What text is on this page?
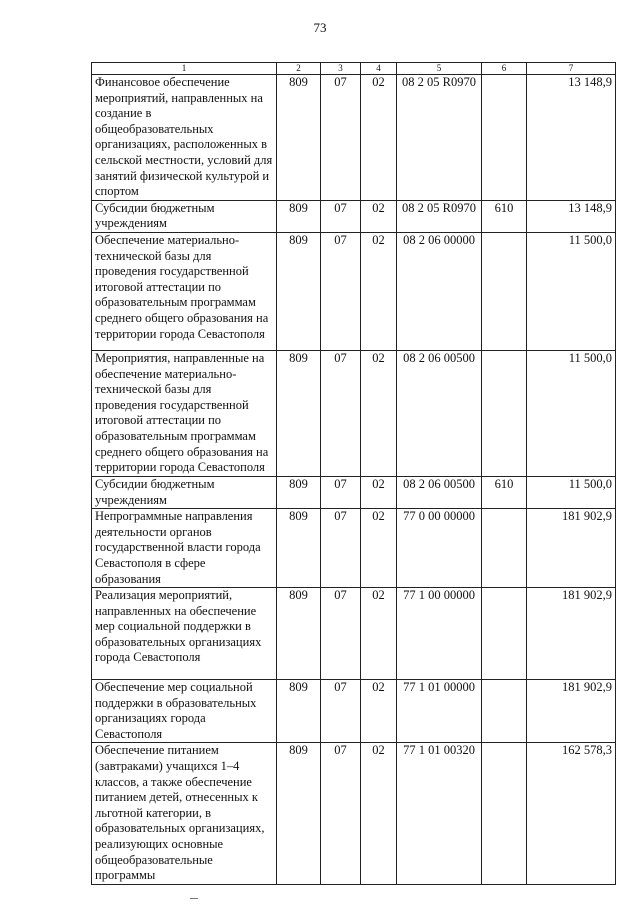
73
1	2	3	4	5	6	7
Финансовое обеспечение мероприятий, направленных на создание в общеобразовательных организациях, расположенных в сельской местности, условий для занятий физической культурой и спортом	809	07	02	08 2 05 R0970		13 148,9
Субсидии бюджетным учреждениям	809	07	02	08 2 05 R0970	610	13 148,9
Обеспечение материально-технической базы для проведения государственной итоговой аттестации по образовательным программам среднего общего образования на территории города Севастополя	809	07	02	08 2 06 00000		11 500,0
Мероприятия, направленные на обеспечение материально-технической базы для проведения государственной итоговой аттестации по образовательным программам среднего общего образования на территории города Севастополя	809	07	02	08 2 06 00500		11 500,0
Субсидии бюджетным учреждениям	809	07	02	08 2 06 00500	610	11 500,0
Непрограммные направления деятельности органов государственной власти города Севастополя в сфере образования	809	07	02	77 0 00 00000		181 902,9
Реализация мероприятий, направленных на обеспечение мер социальной поддержки в образовательных организациях города Севастополя	809	07	02	77 1 00 00000		181 902,9
Обеспечение мер социальной поддержки в образовательных организациях города Севастополя	809	07	02	77 1 01 00000		181 902,9
Обеспечение питанием (завтраками) учащихся 1–4 классов, а также обеспечение питанием детей, отнесенных к льготной категории, в образовательных организациях, реализующих основные общеобразовательные программы	809	07	02	77 1 01 00320		162 578,3
